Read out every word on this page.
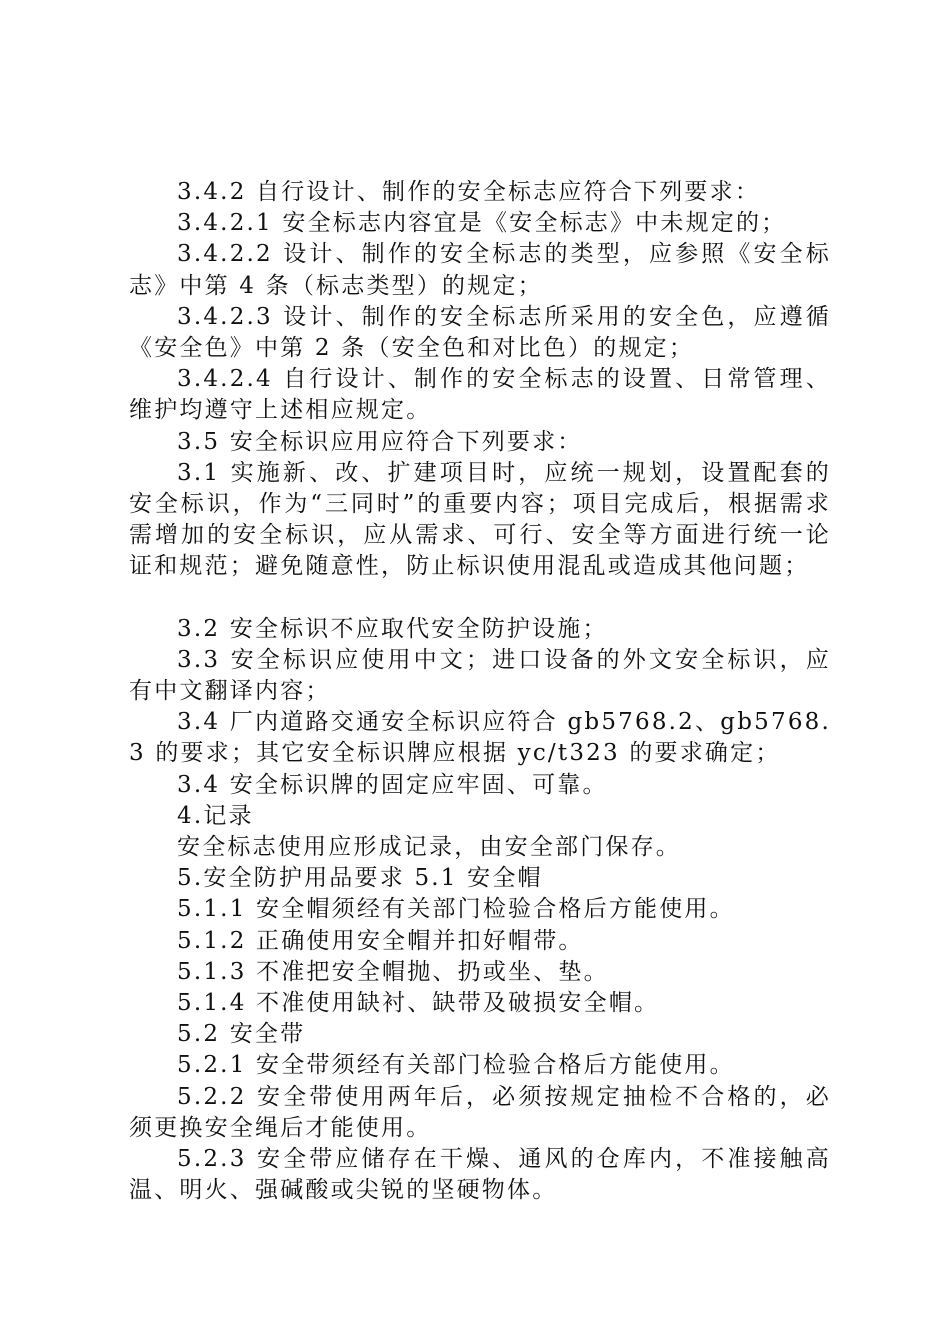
3.4.2 自行设计、制作的安全标志应符合下列要求：

3.4.2.1 安全标志内容宜是《安全标志》中未规定的；

3.4.2.2 设计、制作的安全标志的类型，应参照《安全标志》中第 4 条（标志类型）的规定；

3.4.2.3 设计、制作的安全标志所采用的安全色，应遵循《安全色》中第 2 条（安全色和对比色）的规定；

3.4.2.4 自行设计、制作的安全标志的设置、日常管理、维护均遵守上述相应规定。

3.5 安全标识应用应符合下列要求：

3.1 实施新、改、扩建项目时，应统一规划，设置配套的安全标识，作为“三同时”的重要内容；项目完成后，根据需求需增加的安全标识，应从需求、可行、安全等方面进行统一论证和规范；避免随意性，防止标识使用混乱或造成其他问题；

3.2 安全标识不应取代安全防护设施；

3.3 安全标识应使用中文；进口设备的外文安全标识，应有中文翻译内容；

3.4 厂内道路交通安全标识应符合 gb5768.2、gb5768.3 的要求；其它安全标识牌应根据 yc/t323 的要求确定；

3.4 安全标识牌的固定应牢固、可靠。

4.记录

安全标志使用应形成记录，由安全部门保存。

5.安全防护用品要求 5.1 安全帽

5.1.1 安全帽须经有关部门检验合格后方能使用。

5.1.2 正确使用安全帽并扣好帽带。

5.1.3 不准把安全帽抛、扔或坐、垫。

5.1.4 不准使用缺衬、缺带及破损安全帽。

5.2 安全带

5.2.1 安全带须经有关部门检验合格后方能使用。

5.2.2 安全带使用两年后，必须按规定抽检不合格的，必须更换安全绳后才能使用。

5.2.3 安全带应储存在干燥、通风的仓库内，不准接触高温、明火、强碱酸或尖锐的坚硬物体。
